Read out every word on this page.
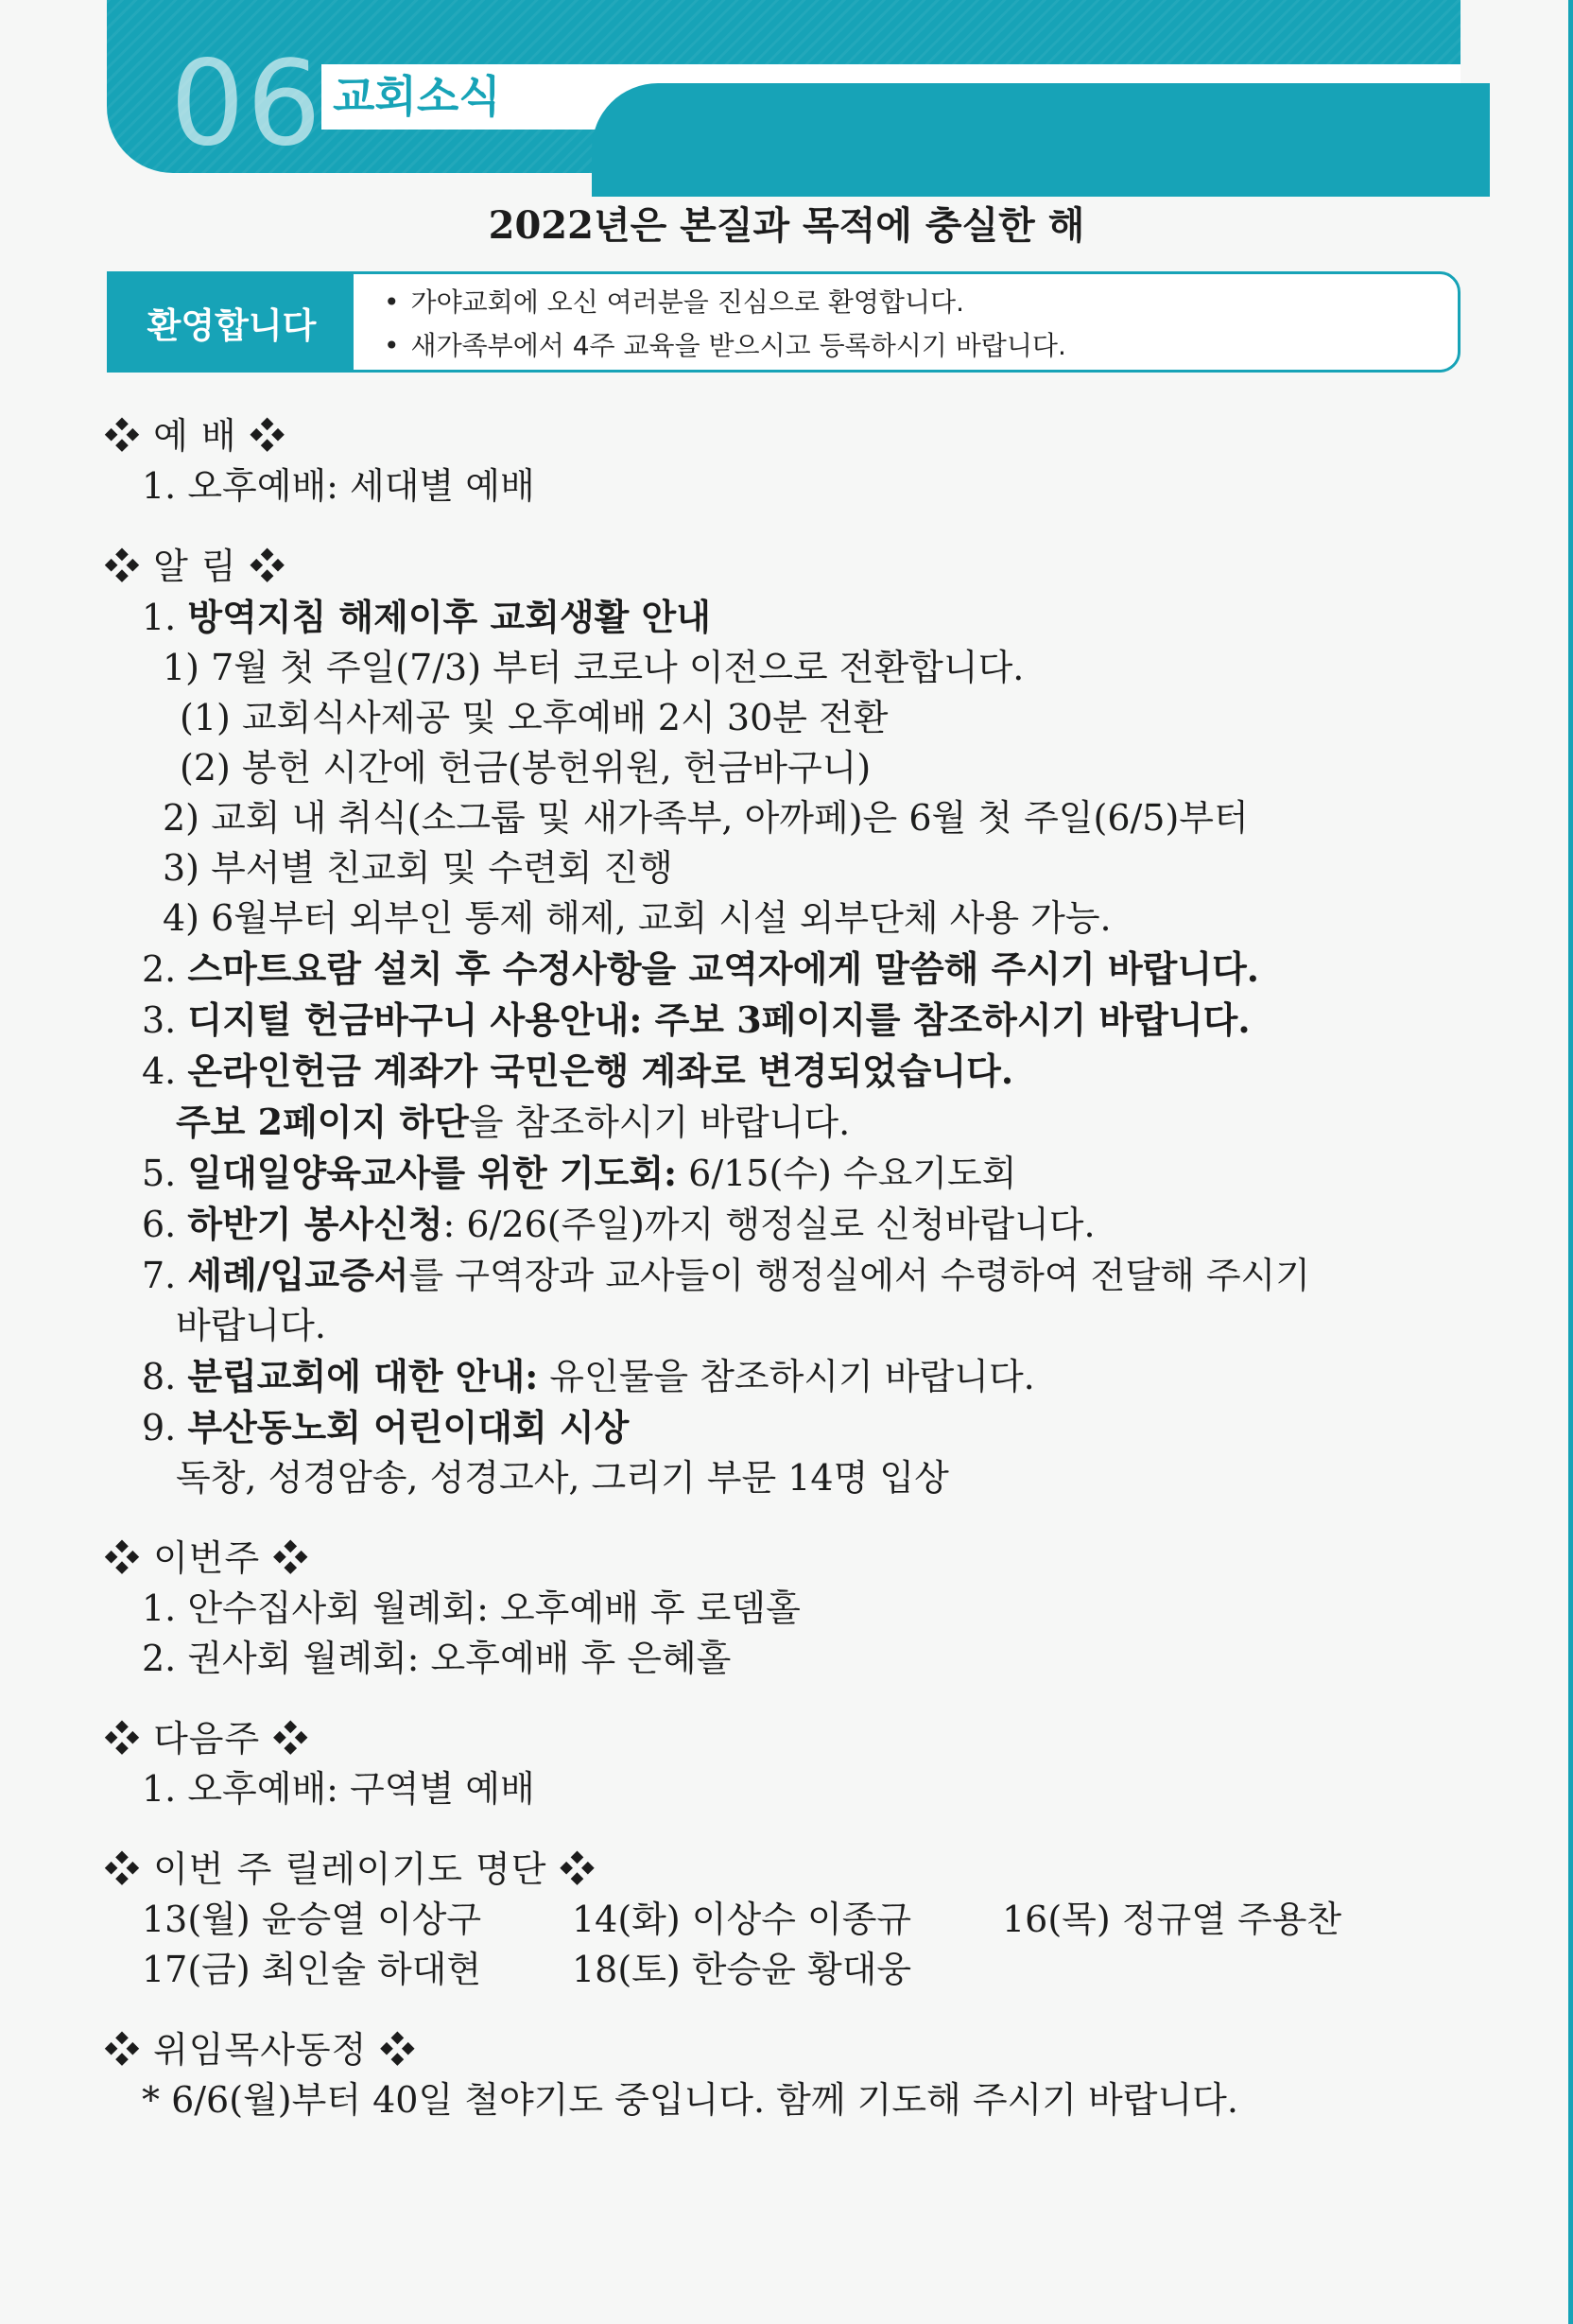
06 교회소식
2022년은 본질과 목적에 충실한 해
환영합니다
• 가야교회에 오신 여러분을 진심으로 환영합니다.
• 새가족부에서 4주 교육을 받으시고 등록하시기 바랍니다.
❖ 예 배 ❖
1. 오후예배: 세대별 예배
❖ 알 림 ❖
1. 방역지침 해제이후 교회생활 안내
1) 7월 첫 주일(7/3) 부터 코로나 이전으로 전환합니다.
(1) 교회식사제공 및 오후예배 2시 30분 전환
(2) 봉헌 시간에 헌금(봉헌위원, 헌금바구니)
2) 교회 내 취식(소그룹 및 새가족부, 아까페)은 6월 첫 주일(6/5)부터
3) 부서별 친교회 및 수련회 진행
4) 6월부터 외부인 통제 해제, 교회 시설 외부단체 사용 가능.
2. 스마트요람 설치 후 수정사항을 교역자에게 말씀해 주시기 바랍니다.
3. 디지털 헌금바구니 사용안내: 주보 3페이지를 참조하시기 바랍니다.
4. 온라인헌금 계좌가 국민은행 계좌로 변경되었습니다.
주보 2페이지 하단을 참조하시기 바랍니다.
5. 일대일양육교사를 위한 기도회: 6/15(수) 수요기도회
6. 하반기 봉사신청: 6/26(주일)까지 행정실로 신청바랍니다.
7. 세례/입교증서를 구역장과 교사들이 행정실에서 수령하여 전달해 주시기
바랍니다.
8. 분립교회에 대한 안내: 유인물을 참조하시기 바랍니다.
9. 부산동노회 어린이대회 시상
독창, 성경암송, 성경고사, 그리기 부문 14명 입상
❖ 이번주 ❖
1. 안수집사회 월례회: 오후예배 후 로뎀홀
2. 권사회 월례회: 오후예배 후 은혜홀
❖ 다음주 ❖
1. 오후예배: 구역별 예배
❖ 이번 주 릴레이기도 명단 ❖
13(월) 윤승열 이상구	14(화) 이상수 이종규	16(목) 정규열 주용찬
17(금) 최인술 하대현	18(토) 한승윤 황대웅
❖ 위임목사동정 ❖
* 6/6(월)부터 40일 철야기도 중입니다. 함께 기도해 주시기 바랍니다.
